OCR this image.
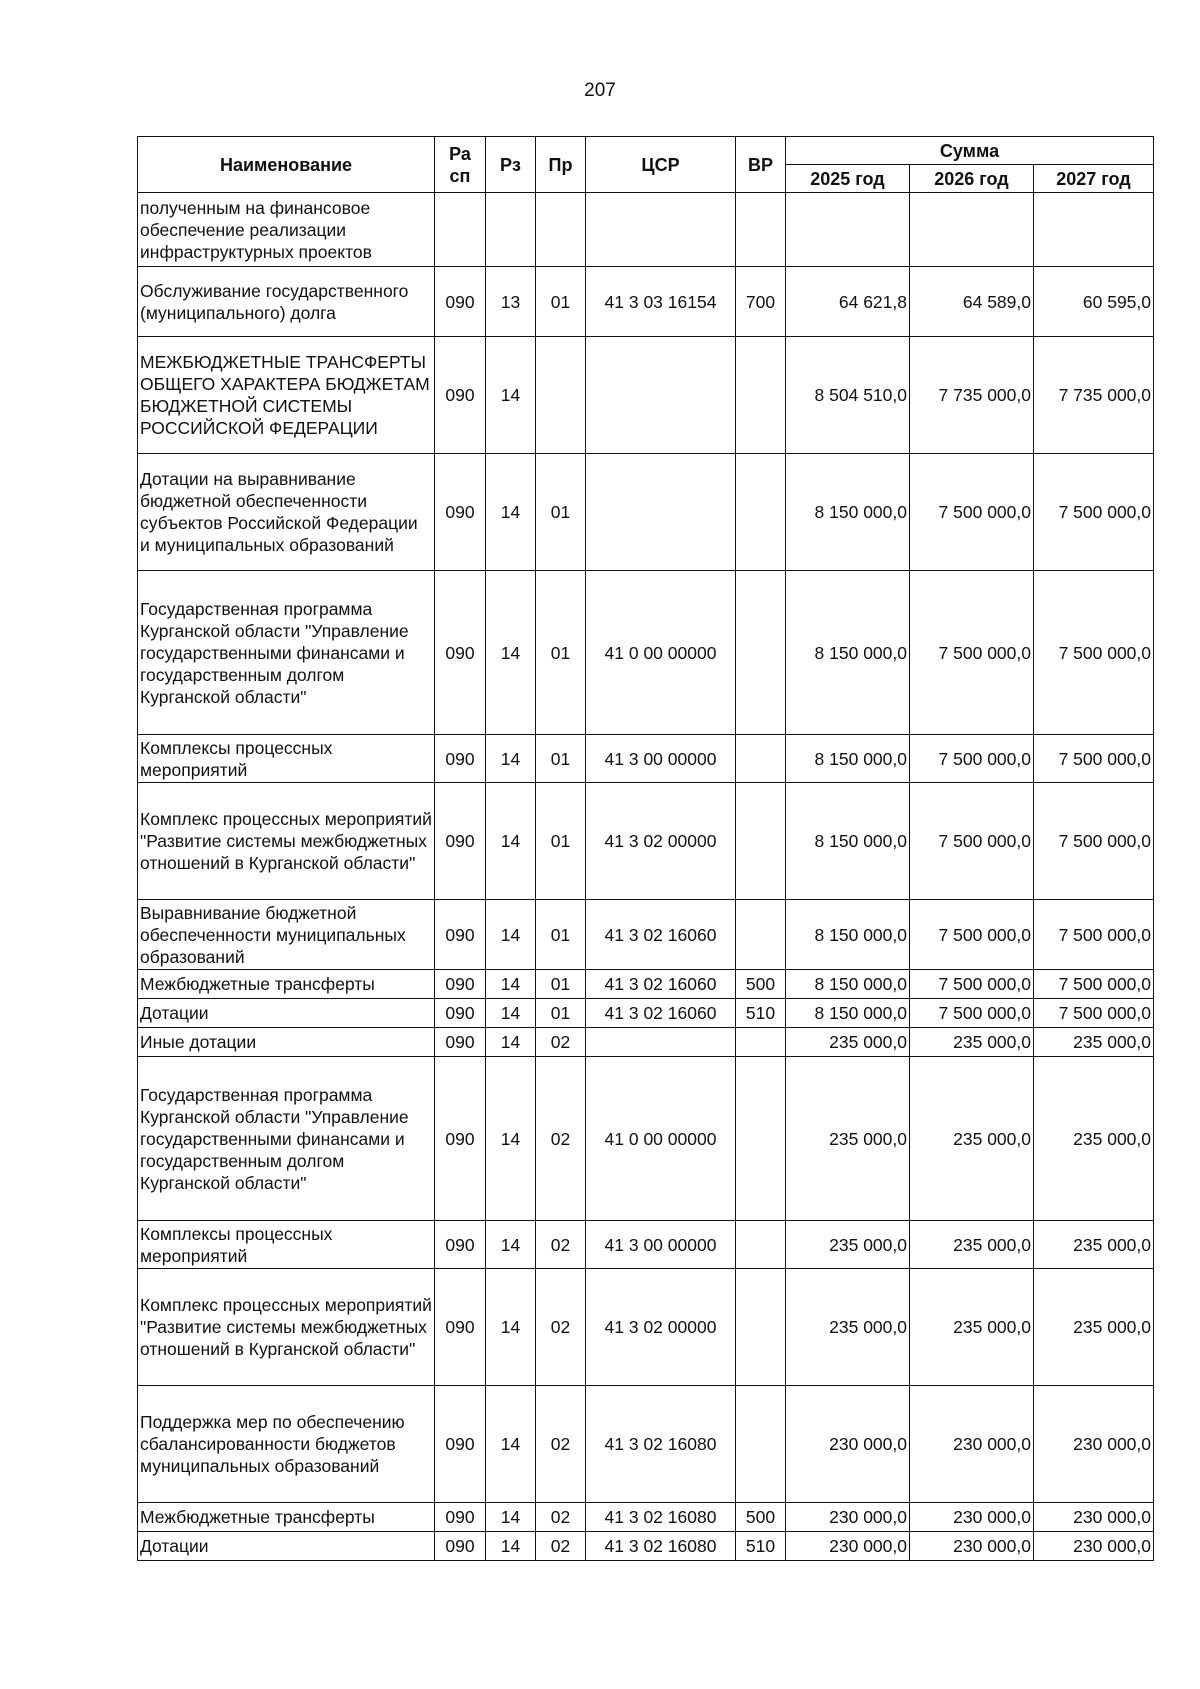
207
Наименование	Ра сп	Рз	Пр	ЦСР	ВР	Сумма		
						2025 год	2026 год	2027 год
полученным на финансовое обеспечение реализации инфраструктурных проектов								
Обслуживание государственного (муниципального) долга	090	13	01	41 3 03 16154	700	64 621,8	64 589,0	60 595,0
МЕЖБЮДЖЕТНЫЕ ТРАНСФЕРТЫ ОБЩЕГО ХАРАКТЕРА БЮДЖЕТАМ БЮДЖЕТНОЙ СИСТЕМЫ РОССИЙСКОЙ ФЕДЕРАЦИИ	090	14				8 504 510,0	7 735 000,0	7 735 000,0
Дотации на выравнивание бюджетной обеспеченности субъектов Российской Федерации и муниципальных образований	090	14	01			8 150 000,0	7 500 000,0	7 500 000,0
Государственная программа Курганской области "Управление государственными финансами и государственным долгом Курганской области"	090	14	01	41 0 00 00000		8 150 000,0	7 500 000,0	7 500 000,0
Комплексы процессных мероприятий	090	14	01	41 3 00 00000		8 150 000,0	7 500 000,0	7 500 000,0
Комплекс процессных мероприятий "Развитие системы межбюджетных отношений в Курганской области"	090	14	01	41 3 02 00000		8 150 000,0	7 500 000,0	7 500 000,0
Выравнивание бюджетной обеспеченности муниципальных образований	090	14	01	41 3 02 16060		8 150 000,0	7 500 000,0	7 500 000,0
Межбюджетные трансферты	090	14	01	41 3 02 16060	500	8 150 000,0	7 500 000,0	7 500 000,0
Дотации	090	14	01	41 3 02 16060	510	8 150 000,0	7 500 000,0	7 500 000,0
Иные дотации	090	14	02			235 000,0	235 000,0	235 000,0
Государственная программа Курганской области "Управление государственными финансами и государственным долгом Курганской области"	090	14	02	41 0 00 00000		235 000,0	235 000,0	235 000,0
Комплексы процессных мероприятий	090	14	02	41 3 00 00000		235 000,0	235 000,0	235 000,0
Комплекс процессных мероприятий "Развитие системы межбюджетных отношений в Курганской области"	090	14	02	41 3 02 00000		235 000,0	235 000,0	235 000,0
Поддержка мер по обеспечению сбалансированности бюджетов муниципальных образований	090	14	02	41 3 02 16080		230 000,0	230 000,0	230 000,0
Межбюджетные трансферты	090	14	02	41 3 02 16080	500	230 000,0	230 000,0	230 000,0
Дотации	090	14	02	41 3 02 16080	510	230 000,0	230 000,0	230 000,0
